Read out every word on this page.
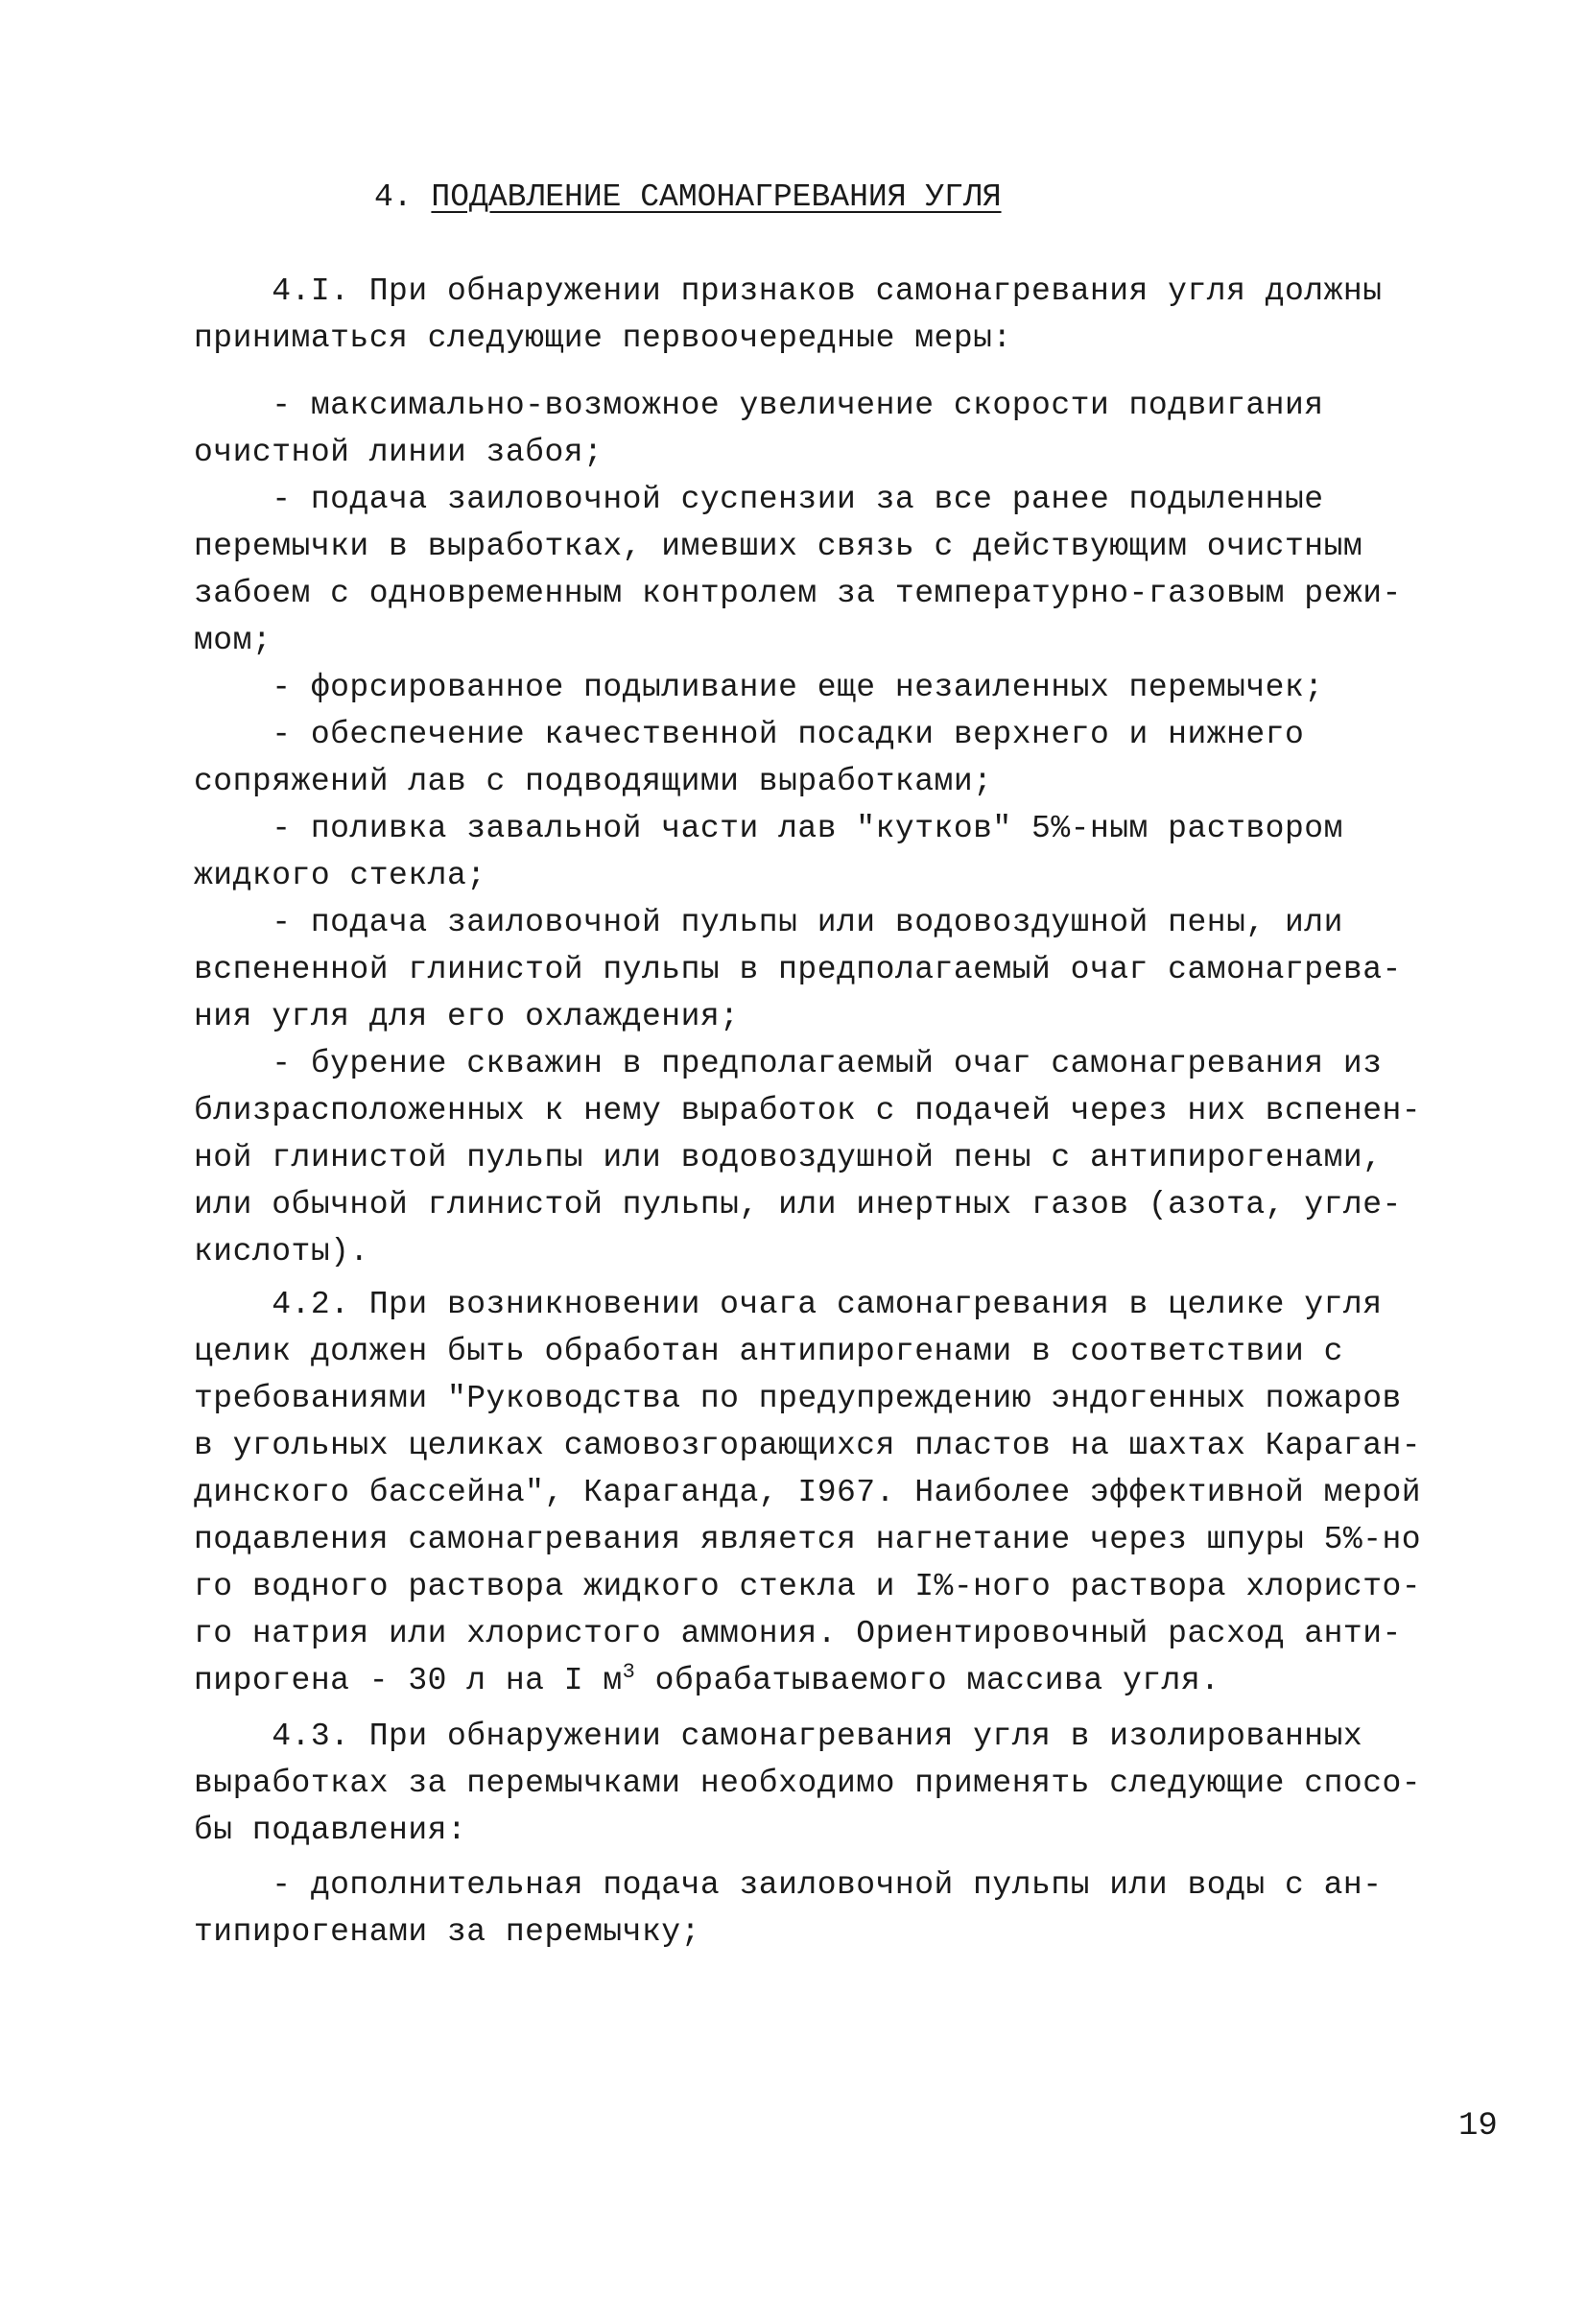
4. ПОДАВЛЕНИЕ САМОНАГРЕВАНИЯ УГЛЯ
4.I. При обнаружении признаков самонагревания угля должны
приниматься следующие первоочередные меры:
- максимально-возможное увеличение скорости подвигания
очистной линии забоя;
- подача заиловочной суспензии за все ранее подыленные
перемычки в выработках, имевших связь с действующим очистным
забоем с одновременным контролем за температурно-газовым режи-
мом;
- форсированное подыливание еще незаиленных перемычек;
- обеспечение качественной посадки верхнего и нижнего
сопряжений лав с подводящими выработками;
- поливка завальной части лав "кутков" 5%-ным раствором
жидкого стекла;
- подача заиловочной пульпы или водовоздушной пены, или
вспененной глинистой пульпы в предполагаемый очаг самонагрева-
ния угля для его охлаждения;
- бурение скважин в предполагаемый очаг самонагревания из
близрасположенных к нему выработок с подачей через них вспенен-
ной глинистой пульпы или водовоздушной пены с антипирогенами,
или обычной глинистой пульпы, или инертных газов (азота, угле-
кислоты).
4.2. При возникновении очага самонагревания в целике угля
целик должен быть обработан антипирогенами в соответствии с
требованиями "Руководства по предупреждению эндогенных пожаров
в угольных целиках самовозгорающихся пластов на шахтах Караган-
динского бассейна", Караганда, I967. Наиболее эффективной мерой
подавления самонагревания является нагнетание через шпуры 5%-но
го водного раствора жидкого стекла и I%-ного раствора хлористо-
го натрия или хлористого аммония. Ориентировочный расход анти-
пирогена - 30 л на I $м^3$ обрабатываемого массива угля.
4.3. При обнаружении самонагревания угля в изолированных
выработках за перемычками необходимо применять следующие спосо-
бы подавления:
- дополнительная подача заиловочной пульпы или воды с ан-
типирогенами за перемычку;
19
